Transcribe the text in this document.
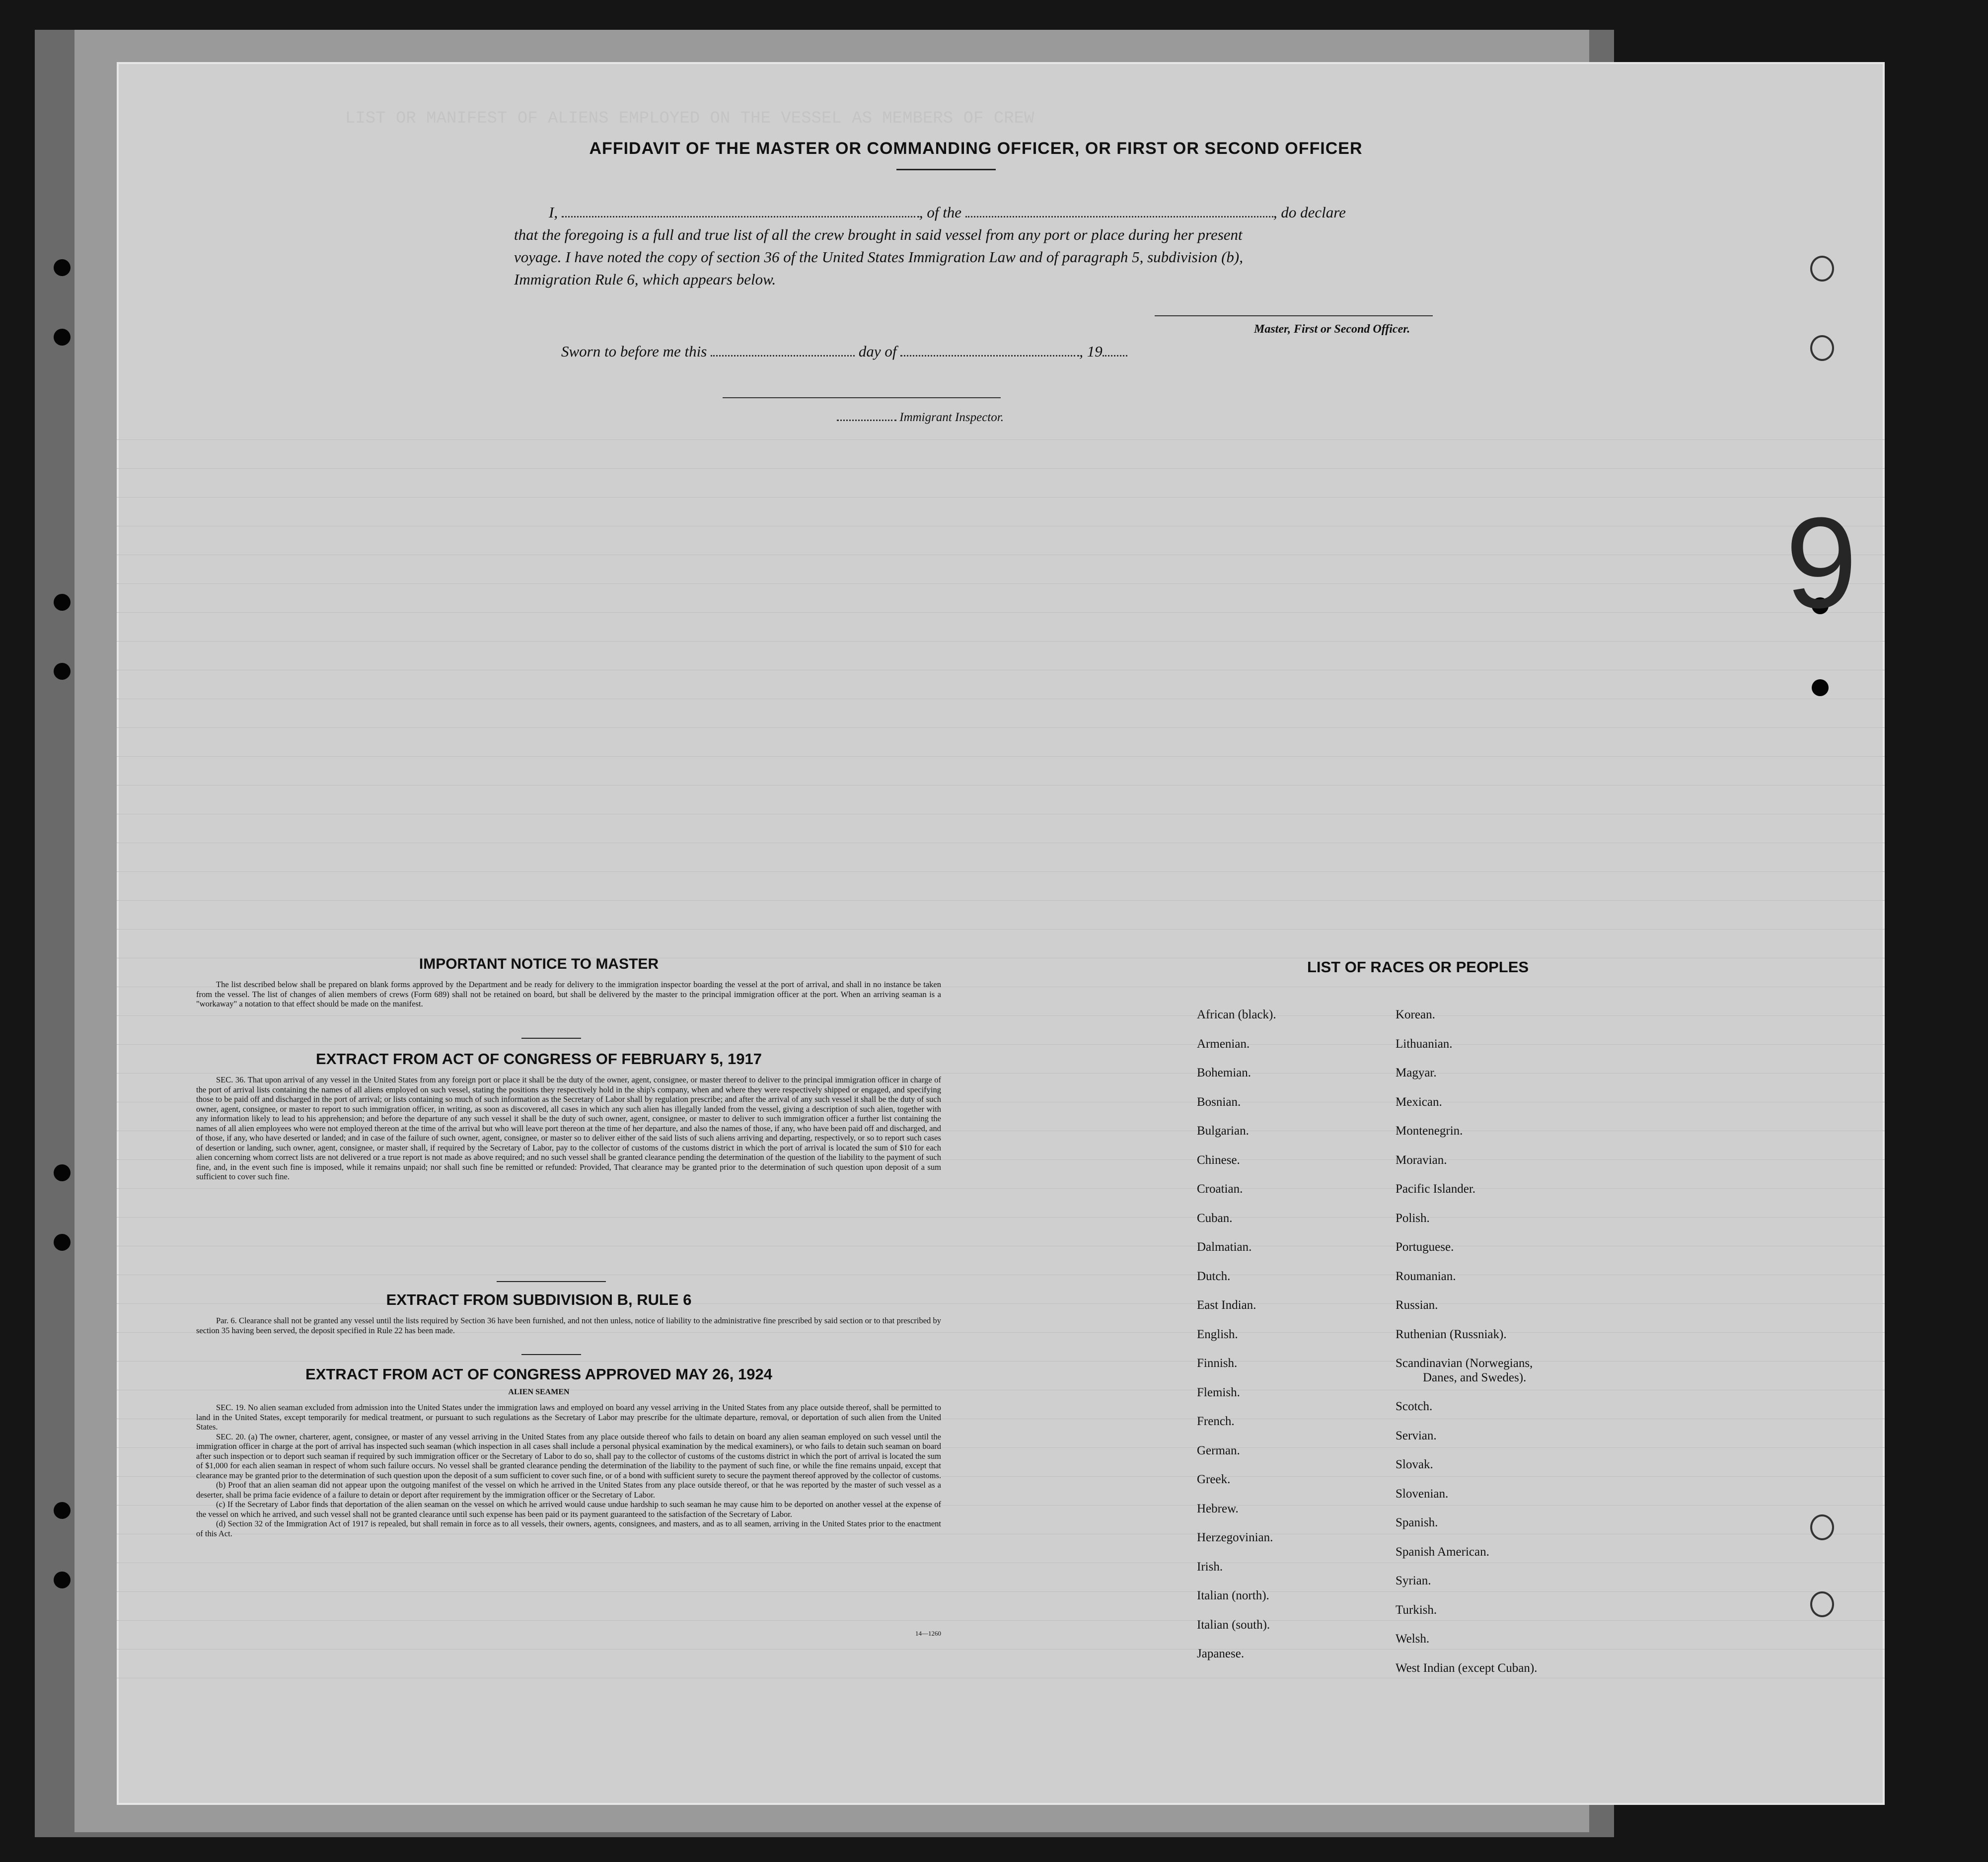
LIST OR MANIFEST OF ALIENS EMPLOYED ON THE VESSEL AS MEMBERS OF CREW
9
AFFIDAVIT OF THE MASTER OR COMMANDING OFFICER, OR FIRST OR SECOND OFFICER
I,	, of the	, do declare
that the foregoing is a full and true list of all the crew brought in said vessel from any port or place during her present
voyage. I have noted the copy of section 36 of the United States Immigration Law and of paragraph 5, subdivision (b),
Immigration Rule 6, which appears below.
Master, First or Second Officer.
Sworn to before me this	day of	, 19
Immigrant Inspector.
IMPORTANT NOTICE TO MASTER

The list described below shall be prepared on blank forms approved by the Department and be ready for delivery to the immigration inspector boarding the vessel at the port of arrival, and shall in no instance be taken from the vessel. The list of changes of alien members of crews (Form 689) shall not be retained on board, but shall be delivered by the master to the principal immigration officer at the port. When an arriving seaman is a "workaway" a notation to that effect should be made on the manifest.

EXTRACT FROM ACT OF CONGRESS OF FEBRUARY 5, 1917

SEC. 36. That upon arrival of any vessel in the United States from any foreign port or place it shall be the duty of the owner, agent, consignee, or master thereof to deliver to the principal immigration officer in charge of the port of arrival lists containing the names of all aliens employed on such vessel, stating the positions they respectively hold in the ship's company, when and where they were respectively shipped or engaged, and specifying those to be paid off and discharged in the port of arrival; or lists containing so much of such information as the Secretary of Labor shall by regulation prescribe; and after the arrival of any such vessel it shall be the duty of such owner, agent, consignee, or master to report to such immigration officer, in writing, as soon as discovered, all cases in which any such alien has illegally landed from the vessel, giving a description of such alien, together with any information likely to lead to his apprehension; and before the departure of any such vessel it shall be the duty of such owner, agent, consignee, or master to deliver to such immigration officer a further list containing the names of all alien employees who were not employed thereon at the time of the arrival but who will leave port thereon at the time of her departure, and also the names of those, if any, who have been paid off and discharged, and of those, if any, who have deserted or landed; and in case of the failure of such owner, agent, consignee, or master so to deliver either of the said lists of such aliens arriving and departing, respectively, or so to report such cases of desertion or landing, such owner, agent, consignee, or master shall, if required by the Secretary of Labor, pay to the collector of customs of the customs district in which the port of arrival is located the sum of $10 for each alien concerning whom correct lists are not delivered or a true report is not made as above required; and no such vessel shall be granted clearance pending the determination of the question of the liability to the payment of such fine, and, in the event such fine is imposed, while it remains unpaid; nor shall such fine be remitted or refunded: Provided, That clearance may be granted prior to the determination of such question upon deposit of a sum sufficient to cover such fine.

EXTRACT FROM SUBDIVISION B, RULE 6

Par. 6. Clearance shall not be granted any vessel until the lists required by Section 36 have been furnished, and not then unless, notice of liability to the administrative fine prescribed by said section or to that prescribed by section 35 having been served, the deposit specified in Rule 22 has been made.

EXTRACT FROM ACT OF CONGRESS APPROVED MAY 26, 1924
ALIEN SEAMEN

SEC. 19. No alien seaman excluded from admission into the United States under the immigration laws and employed on board any vessel arriving in the United States from any place outside thereof, shall be permitted to land in the United States, except temporarily for medical treatment, or pursuant to such regulations as the Secretary of Labor may prescribe for the ultimate departure, removal, or deportation of such alien from the United States.

SEC. 20. (a) The owner, charterer, agent, consignee, or master of any vessel arriving in the United States from any place outside thereof who fails to detain on board any alien seaman employed on such vessel until the immigration officer in charge at the port of arrival has inspected such seaman (which inspection in all cases shall include a personal physical examination by the medical examiners), or who fails to detain such seaman on board after such inspection or to deport such seaman if required by such immigration officer or the Secretary of Labor to do so, shall pay to the collector of customs of the customs district in which the port of arrival is located the sum of $1,000 for each alien seaman in respect of whom such failure occurs. No vessel shall be granted clearance pending the determination of the liability to the payment of such fine, or while the fine remains unpaid, except that clearance may be granted prior to the determination of such question upon the deposit of a sum sufficient to cover such fine, or of a bond with sufficient surety to secure the payment thereof approved by the collector of customs.

(b) Proof that an alien seaman did not appear upon the outgoing manifest of the vessel on which he arrived in the United States from any place outside thereof, or that he was reported by the master of such vessel as a deserter, shall be prima facie evidence of a failure to detain or deport after requirement by the immigration officer or the Secretary of Labor.

(c) If the Secretary of Labor finds that deportation of the alien seaman on the vessel on which he arrived would cause undue hardship to such seaman he may cause him to be deported on another vessel at the expense of the vessel on which he arrived, and such vessel shall not be granted clearance until such expense has been paid or its payment guaranteed to the satisfaction of the Secretary of Labor.

(d) Section 32 of the Immigration Act of 1917 is repealed, but shall remain in force as to all vessels, their owners, agents, consignees, and masters, and as to all seamen, arriving in the United States prior to the enactment of this Act.

14—1260
LIST OF RACES OR PEOPLES
African (black).
Armenian.
Bohemian.
Bosnian.
Bulgarian.
Chinese.
Croatian.
Cuban.
Dalmatian.
Dutch.
East Indian.
English.
Finnish.
Flemish.
French.
German.
Greek.
Hebrew.
Herzegovinian.
Irish.
Italian (north).
Italian (south).
Japanese.
Korean.
Lithuanian.
Magyar.
Mexican.
Montenegrin.
Moravian.
Pacific Islander.
Polish.
Portuguese.
Roumanian.
Russian.
Ruthenian (Russniak).
Scandinavian (Norwegians,
Danes, and Swedes).
Scotch.
Servian.
Slovak.
Slovenian.
Spanish.
Spanish American.
Syrian.
Turkish.
Welsh.
West Indian (except Cuban).
